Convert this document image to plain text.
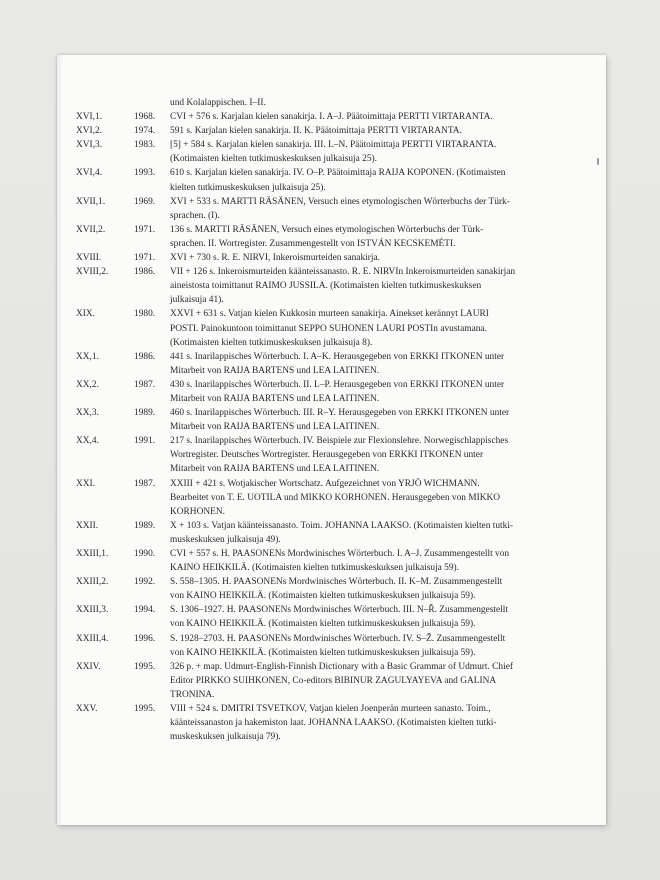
und Kolalappischen. I–II.
XVI,1.	1968.	CVI + 576 s. Karjalan kielen sanakirja. I. A–J. Päätoimittaja PERTTI VIRTARANTA.
XVI,2.	1974.	591 s. Karjalan kielen sanakirja. II. K. Päätoimittaja PERTTI VIRTARANTA.
XVI,3.	1983.	[5] + 584 s. Karjalan kielen sanakirja. III. L–N. Päätoimittaja PERTTI VIRTARANTA.
(Kotimaisten kielten tutkimuskeskuksen julkaisuja 25).
XVI,4.	1993.	610 s. Karjalan kielen sanakirja. IV. O–P. Päätoimittaja RAIJA KOPONEN. (Kotimaisten
kielten tutkimuskeskuksen julkaisuja 25).
XVII,1.	1969.	XVI + 533 s. MARTTI RÄSÄNEN, Versuch eines etymologischen Wörterbuchs der Türk-
sprachen. (I).
XVII,2.	1971.	136 s. MARTTI RÄSÄNEN, Versuch eines etymologischen Wörterbuchs der Türk-
sprachen. II. Wortregister. Zusammengestellt von ISTVÁN KECSKEMÉTI.
XVIII.	1971.	XVI + 730 s. R. E. NIRVI, Inkeroismurteiden sanakirja.
XVIII,2.	1986.	VII + 126 s. Inkeroismurteiden käänteissanasto. R. E. NIRVIn Inkeroismurteiden sanakirjan
aineistosta toimittanut RAIMO JUSSILA. (Kotimaisten kielten tutkimuskeskuksen
julkaisuja 41).
XIX.	1980.	XXVI + 631 s. Vatjan kielen Kukkosin murteen sanakirja. Ainekset kerännyt LAURI
POSTI. Painokuntoon toimittanut SEPPO SUHONEN LAURI POSTIn avustamana.
(Kotimaisten kielten tutkimuskeskuksen julkaisuja 8).
XX,1.	1986.	441 s. Inarilappisches Wörterbuch. I. A–K. Herausgegeben von ERKKI ITKONEN unter
Mitarbeit von RAIJA BARTENS und LEA LAITINEN.
XX,2.	1987.	430 s. Inarilappisches Wörterbuch. II. L–P. Herausgegeben von ERKKI ITKONEN unter
Mitarbeit von RAIJA BARTENS und LEA LAITINEN.
XX,3.	1989.	460 s. Inarilappisches Wörterbuch. III. R–Y. Herausgegeben von ERKKI ITKONEN unter
Mitarbeit von RAIJA BARTENS und LEA LAITINEN.
XX,4.	1991.	217 s. Inarilappisches Wörterbuch. IV. Beispiele zur Flexionslehre. Norwegischlappisches
Wortregister. Deutsches Wortregister. Herausgegeben von ERKKI ITKONEN unter
Mitarbeit von RAIJA BARTENS und LEA LAITINEN.
XXI.	1987.	XXIII + 421 s. Wotjakischer Wortschatz. Aufgezeichnet von YRJÖ WICHMANN.
Bearbeitet von T. E. UOTILA und MIKKO KORHONEN. Herausgegeben von MIKKO
KORHONEN.
XXII.	1989.	X + 103 s. Vatjan käänteissanasto. Toim. JOHANNA LAAKSO. (Kotimaisten kielten tutki-
muskeskuksen julkaisuja 49).
XXIII,1.	1990.	CVI + 557 s. H. PAASONENs Mordwinisches Wörterbuch. I. A–J. Zusammengestellt von
KAINO HEIKKILÄ. (Kotimaisten kielten tutkimuskeskuksen julkaisuja 59).
XXIII,2.	1992.	S. 558–1305. H. PAASONENs Mordwinisches Wörterbuch. II. K–M. Zusammengestellt
von KAINO HEIKKILÄ. (Kotimaisten kielten tutkimuskeskuksen julkaisuja 59).
XXIII,3.	1994.	S. 1306–1927. H. PAASONENs Mordwinisches Wörterbuch. III. N–Ř. Zusammengestellt
von KAINO HEIKKILÄ. (Kotimaisten kielten tutkimuskeskuksen julkaisuja 59).
XXIII,4.	1996.	S. 1928–2703. H. PAASONENs Mordwinisches Wörterbuch. IV. S–Ž. Zusammengestellt
von KAINO HEIKKILÄ. (Kotimaisten kielten tutkimuskeskuksen julkaisuja 59).
XXIV.	1995.	326 p. + map. Udmurt-English-Finnish Dictionary with a Basic Grammar of Udmurt. Chief
Editor PIRKKO SUIHKONEN, Co-editors BIBINUR ZAGULYAYEVA and GALINA
TRONINA.
XXV.	1995.	VIII + 524 s. DMITRI TSVETKOV, Vatjan kielen Joenperän murteen sanasto. Toim.,
käänteissanaston ja hakemiston laat. JOHANNA LAAKSO. (Kotimaisten kielten tutki-
muskeskuksen julkaisuja 79).
